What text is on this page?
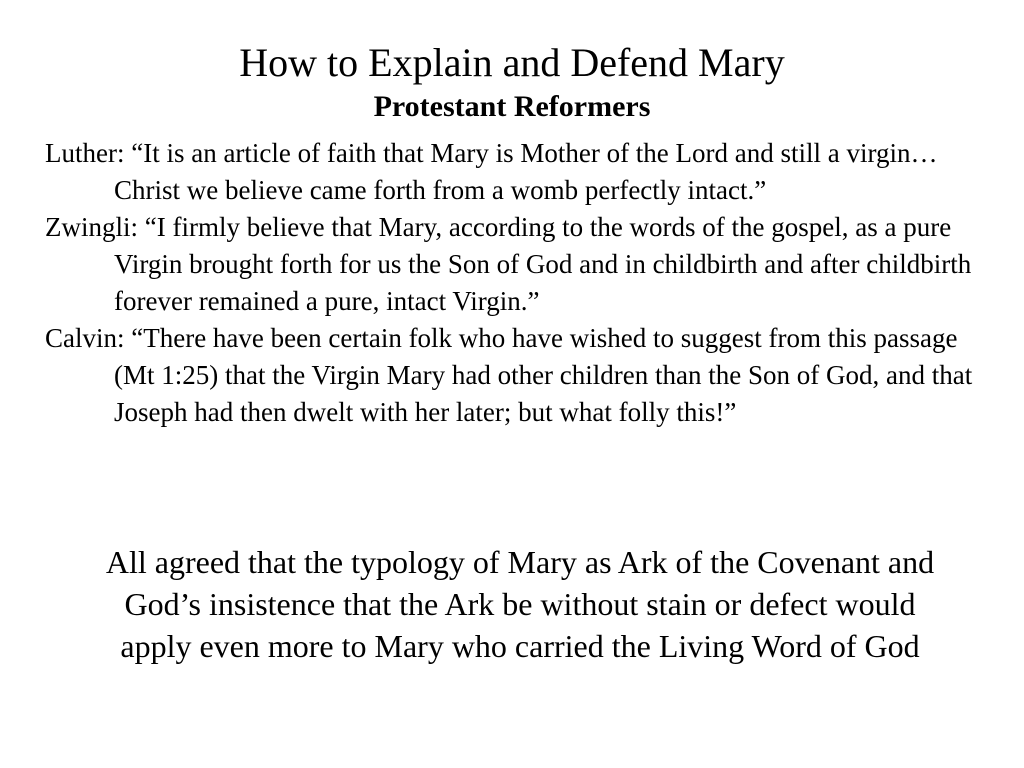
How to Explain and Defend Mary
Protestant Reformers
Luther: “It is an article of faith that Mary is Mother of the Lord and still a virgin…Christ we believe came forth from a womb perfectly intact.”
Zwingli: “I firmly believe that Mary, according to the words of the gospel, as a pure Virgin brought forth for us the Son of God and in childbirth and after childbirth forever remained a pure, intact Virgin.”
Calvin: “There have been certain folk who have wished to suggest from this passage (Mt 1:25) that the Virgin Mary had other children than the Son of God, and that Joseph had then dwelt with her later; but what folly this!”

All agreed that the typology of Mary as Ark of the Covenant and God’s insistence that the Ark be without stain or defect would apply even more to Mary who carried the Living Word of God
